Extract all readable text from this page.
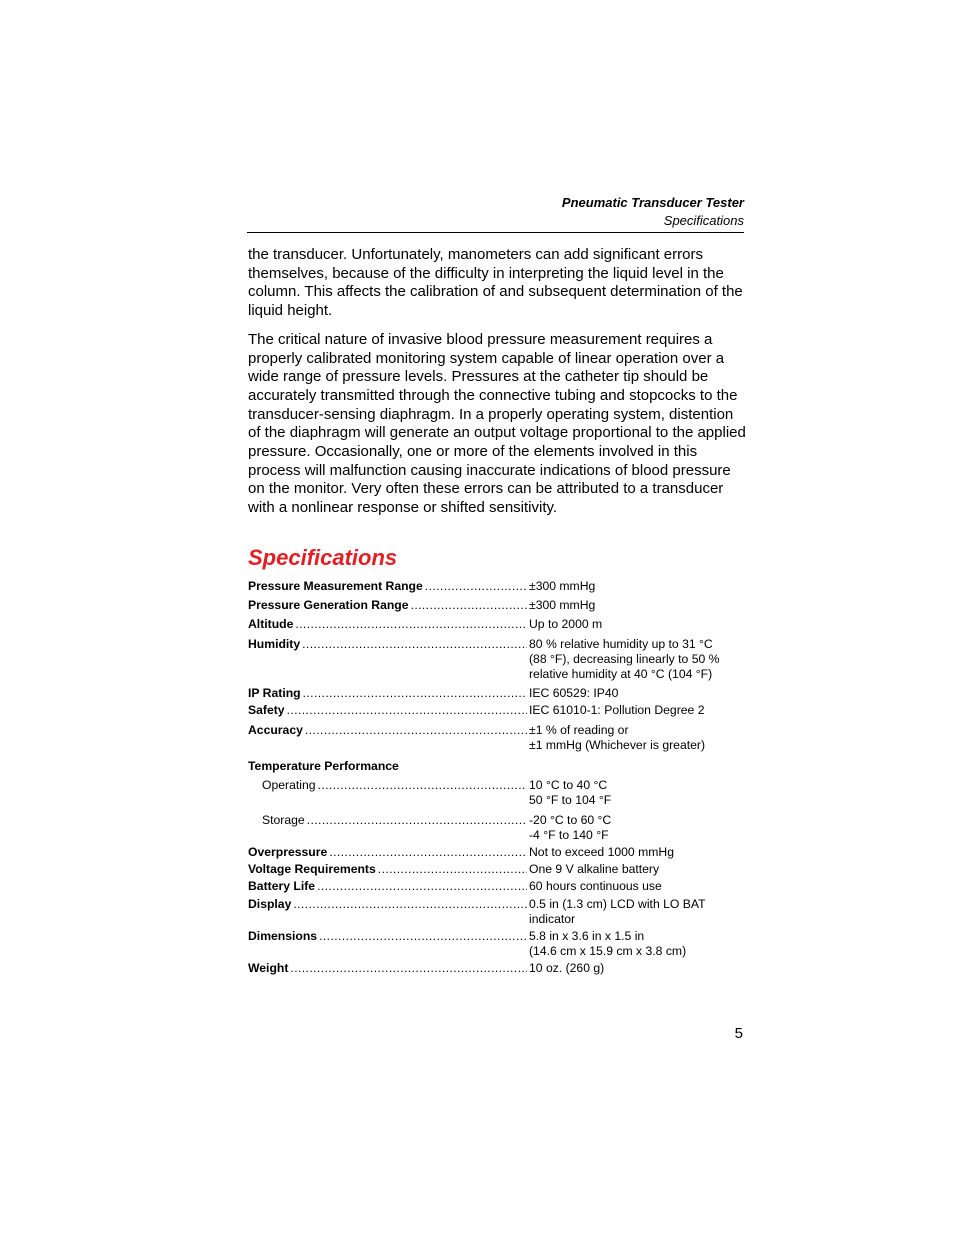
Pneumatic Transducer Tester
Specifications

the transducer. Unfortunately, manometers can add significant errors themselves, because of the difficulty in interpreting the liquid level in the column. This affects the calibration of and subsequent determination of the liquid height.

The critical nature of invasive blood pressure measurement requires a properly calibrated monitoring system capable of linear operation over a wide range of pressure levels. Pressures at the catheter tip should be accurately transmitted through the connective tubing and stopcocks to the transducer-sensing diaphragm. In a properly operating system, distention of the diaphragm will generate an output voltage proportional to the applied pressure. Occasionally, one or more of the elements involved in this process will malfunction causing inaccurate indications of blood pressure on the monitor. Very often these errors can be attributed to a transducer with a nonlinear response or shifted sensitivity.

Specifications
Pressure Measurement Range .....	±300 mmHg
Pressure Generation Range .....	±300 mmHg
Altitude .....	Up to 2000 m
Humidity .....	80 % relative humidity up to 31 °C
(88 °F), decreasing linearly to 50 %
relative humidity at 40 °C (104 °F)
IP Rating .....	IEC 60529: IP40
Safety .....	IEC 61010-1: Pollution Degree 2
Accuracy .....	±1 % of reading or
±1 mmHg (Whichever is greater)
Temperature Performance
Operating .....	10 °C to 40 °C
50 °F to 104 °F
Storage .....	-20 °C to 60 °C
-4 °F to 140 °F
Overpressure .....	Not to exceed 1000 mmHg
Voltage Requirements .....	One 9 V alkaline battery
Battery Life .....	60 hours continuous use
Display .....	0.5 in (1.3 cm) LCD with LO BAT
indicator
Dimensions .....	5.8 in x 3.6 in x 1.5 in
(14.6 cm x 15.9 cm x 3.8 cm)
Weight .....	10 oz. (260 g)
5
